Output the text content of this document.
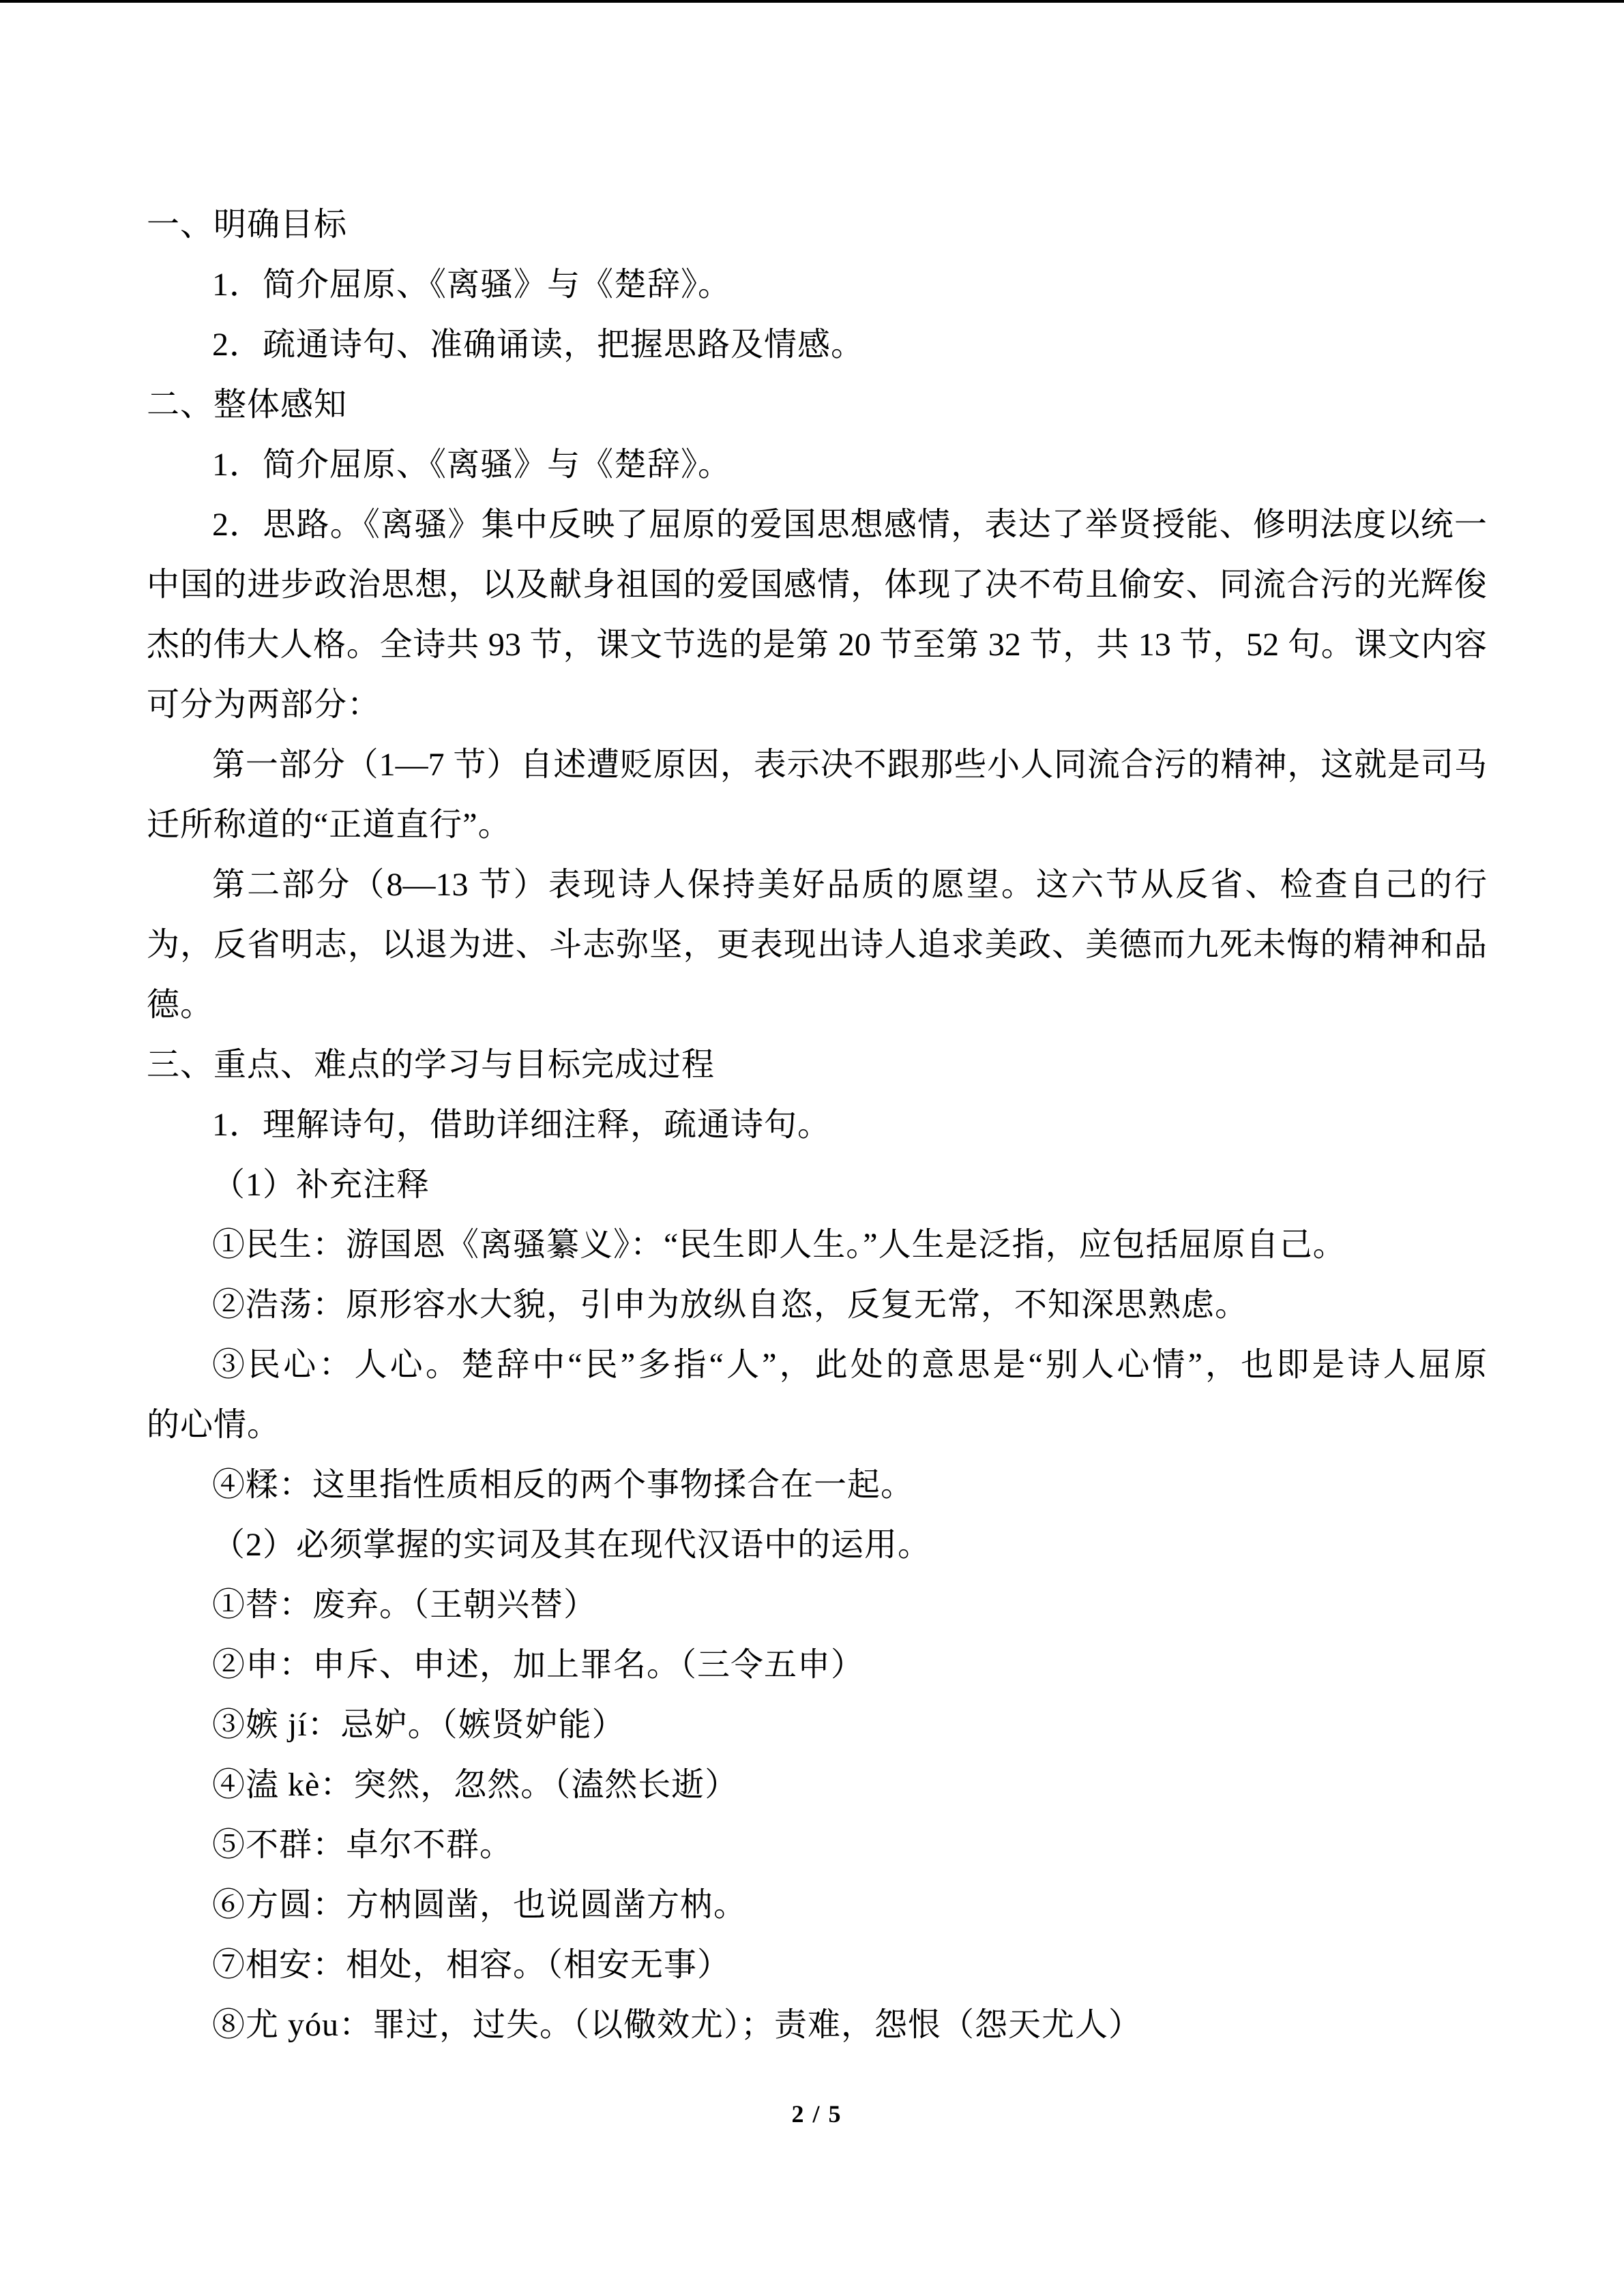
一、明确目标
1．简介屈原、《离骚》与《楚辞》。
2．疏通诗句、准确诵读，把握思路及情感。
二、整体感知
1．简介屈原、《离骚》与《楚辞》。
2．思路。《离骚》集中反映了屈原的爱国思想感情，表达了举贤授能、修明法度以统一
中国的进步政治思想，以及献身祖国的爱国感情，体现了决不苟且偷安、同流合污的光辉俊
杰的伟大人格。全诗共 93 节，课文节选的是第 20 节至第 32 节，共 13 节，52 句。课文内容
可分为两部分：
第一部分（1—7 节）自述遭贬原因，表示决不跟那些小人同流合污的精神，这就是司马
迁所称道的“正道直行”。
第二部分（8—13 节）表现诗人保持美好品质的愿望。这六节从反省、检查自己的行
为，反省明志，以退为进、斗志弥坚，更表现出诗人追求美政、美德而九死未悔的精神和品
德。
三、重点、难点的学习与目标完成过程
1．理解诗句，借助详细注释，疏通诗句。
（1）补充注释
①民生：游国恩《离骚纂义》：“民生即人生。”人生是泛指，应包括屈原自己。
②浩荡：原形容水大貌，引申为放纵自恣，反复无常，不知深思熟虑。
③民心：人心。楚辞中“民”多指“人”，此处的意思是“别人心情”，也即是诗人屈原
的心情。
④糅：这里指性质相反的两个事物揉合在一起。
（2）必须掌握的实词及其在现代汉语中的运用。
①替：废弃。（王朝兴替）
②申：申斥、申述，加上罪名。（三令五申）
③嫉 jí：忌妒。（嫉贤妒能）
④溘 kè：突然，忽然。（溘然长逝）
⑤不群：卓尔不群。
⑥方圆：方枘圆凿，也说圆凿方枘。
⑦相安：相处，相容。（相安无事）
⑧尤 yóu：罪过，过失。（以儆效尤）；责难，怨恨（怨天尤人）
2 / 5
